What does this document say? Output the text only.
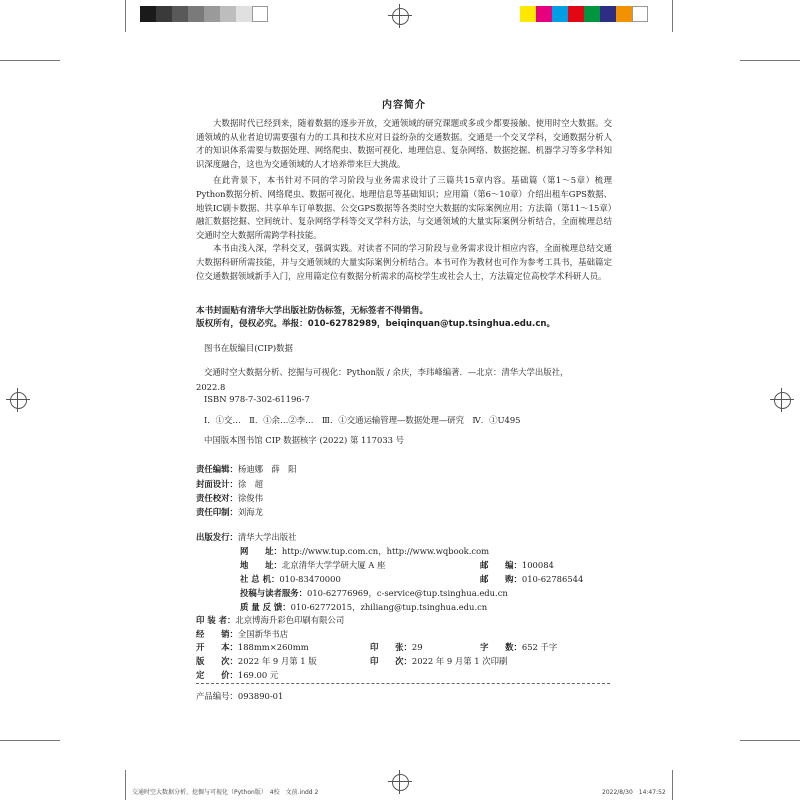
内容简介

大数据时代已经到来，随着数据的逐步开放，交通领域的研究课题或多或少都要接触、使用时空大数据。交通领域的从业者迫切需要强有力的工具和技术应对日益纷杂的交通数据。交通是一个交叉学科，交通数据分析人才的知识体系需要与数据处理、网络爬虫、数据可视化、地理信息、复杂网络、数据挖掘、机器学习等多学科知识深度融合，这也为交通领域的人才培养带来巨大挑战。

在此背景下，本书针对不同的学习阶段与业务需求设计了三篇共15章内容。基础篇（第1～5章）梳理Python数据分析、网络爬虫、数据可视化、地理信息等基础知识；应用篇（第6～10章）介绍出租车GPS数据、地铁IC刷卡数据、共享单车订单数据、公交GPS数据等各类时空大数据的实际案例应用；方法篇（第11～15章）融汇数据挖掘、空间统计、复杂网络学科等交叉学科方法，与交通领域的大量实际案例分析结合，全面梳理总结交通时空大数据所需跨学科技能。

本书由浅入深，学科交叉，强调实践。对读者不同的学习阶段与业务需求设计相应内容，全面梳理总结交通大数据科研所需技能，并与交通领域的大量实际案例分析结合。本书可作为教材也可作为参考工具书，基础篇定位交通数据领域新手入门，应用篇定位有数据分析需求的高校学生或社会人士，方法篇定位高校学术科研人员。

本书封面贴有清华大学出版社防伪标签，无标签者不得销售。
版权所有，侵权必究。举报：010-62782989，beiqinquan@tup.tsinghua.edu.cn。
图书在版编目(CIP)数据
交通时空大数据分析、挖掘与可视化：Python版 / 余庆，李玮峰编著．—北京：清华大学出版社，
2022.8
ISBN 978-7-302-61196-7
Ⅰ．①交…　Ⅱ．①余…②李…　Ⅲ．①交通运输管理—数据处理—研究　Ⅳ．①U495
中国版本图书馆 CIP 数据核字 (2022) 第 117033 号
责任编辑：杨迪娜　薛　阳
封面设计：徐　超
责任校对：徐俊伟
责任印制：刘海龙
出版发行：清华大学出版社
网　　址：http://www.tup.com.cn，http://www.wqbook.com
地　　址：北京清华大学学研大厦 A 座	邮　　编：100084
社 总 机：010-83470000	邮　　购：010-62786544
投稿与读者服务：010-62776969，c-service@tup.tsinghua.edu.cn
质 量 反 馈：010-62772015，zhiliang@tup.tsinghua.edu.cn
印 装 者：北京博海升彩色印刷有限公司
经　　销：全国新华书店
开　　本：188mm×260mm	印　　张：29	字　　数：652 千字
版　　次：2022 年 9 月第 1 版	印　　次：2022 年 9 月第 1 次印刷
定　　价：169.00 元
产品编号：093890-01
交通时空大数据分析、挖掘与可视化（Python版）　4校　文前.indd 2	2022/8/30　14:47:52
